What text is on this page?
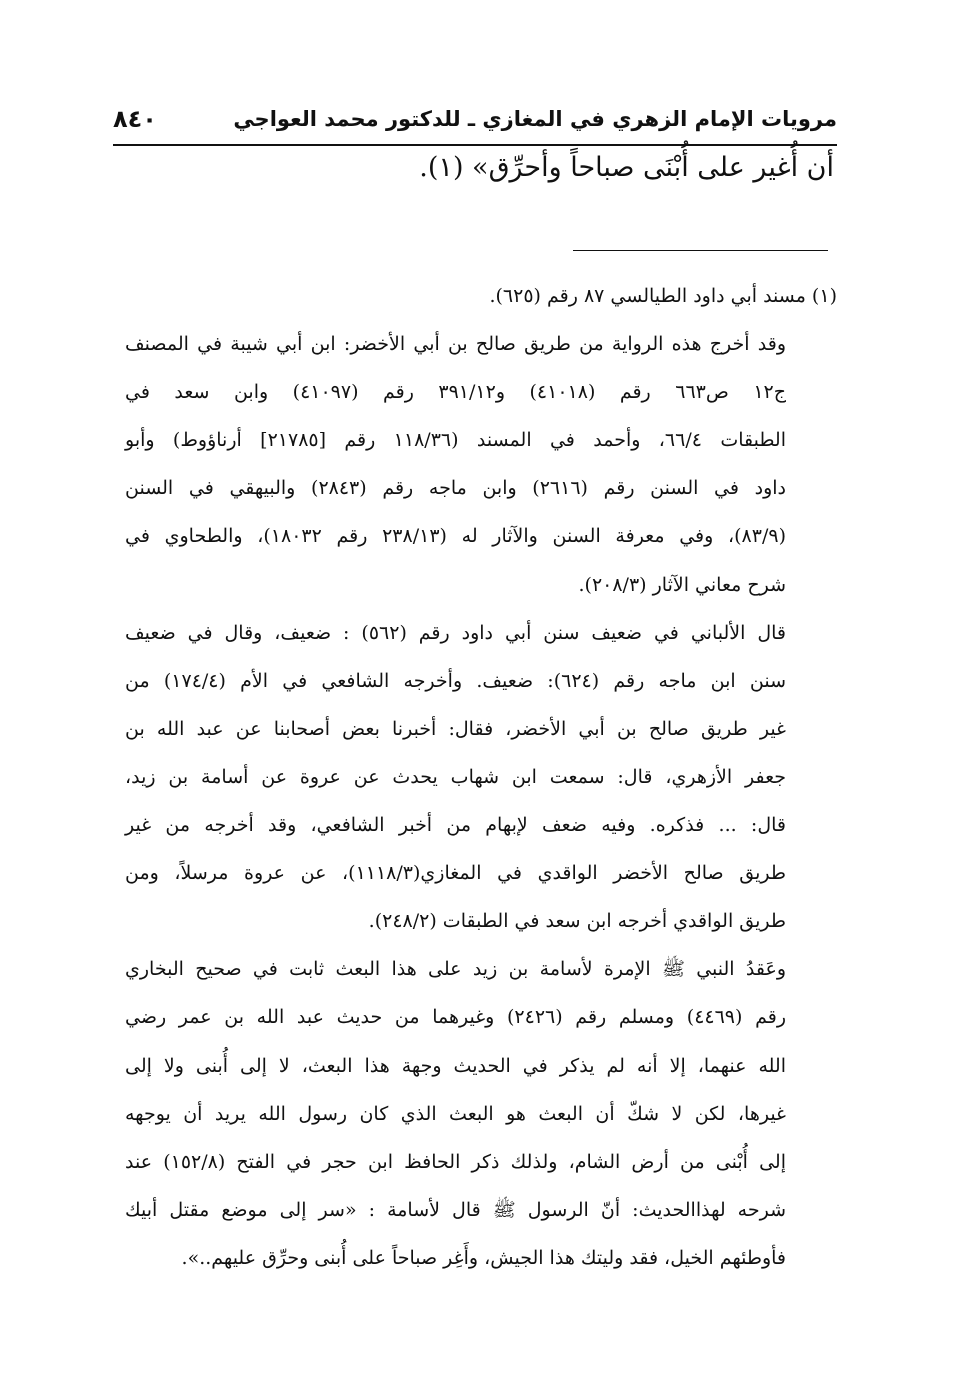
مرويات الإمام الزهري في المغازي ـ للدكتور محمد العواجي
٨٤٠
أن أُغير على أُبْنَى صباحاً وأحرِّق» (١).
(١) مسند أبي داود الطيالسي ٨٧ رقم (٦٢٥).
وقد أخرج هذه الرواية من طريق صالح بن أبي الأخضر: ابن أبي شيبة في المصنف
ج١٢ ص٦٦٣ رقم (٤١٠١٨) و٣٩١/١٢ رقم (٤١٠٩٧) وابن سعد في
الطبقات ٦٦/٤، وأحمد في المسند (١١٨/٣٦ رقم [٢١٧٨٥] أرناؤوط) وأبو
داود في السنن رقم (٢٦١٦) وابن ماجه رقم (٢٨٤٣) والبيهقي في السنن
(٨٣/٩)، وفي معرفة السنن والآثار له (٢٣٨/١٣ رقم ١٨٠٣٢)، والطحاوي في
شرح معاني الآثار (٢٠٨/٣).
قال الألباني في ضعيف سنن أبي داود رقم (٥٦٢) : ضعيف، وقال في ضعيف
سنن ابن ماجه رقم (٦٢٤): ضعيف. وأخرجه الشافعي في الأم (١٧٤/٤) من
غير طريق صالح بن أبي الأخضر، فقال: أخبرنا بعض أصحابنا عن عبد الله بن
جعفر الأزهري، قال: سمعت ابن شهاب يحدث عن عروة عن أسامة بن زيد،
قال: ... فذكره. وفيه ضعف لإبهام من أخبر الشافعي، وقد أخرجه من غير
طريق صالح الأخضر الواقدي في المغازي(١١١٨/٣)، عن عروة مرسلاً، ومن
طريق الواقدي أخرجه ابن سعد في الطبقات (٢٤٨/٢).
وعَقدُ النبي ﷺ الإمرة لأسامة بن زيد على هذا البعث ثابت في صحيح البخاري
رقم (٤٤٦٩) ومسلم رقم (٢٤٢٦) وغيرهما من حديث عبد الله بن عمر رضي
الله عنهما، إلا أنه لم يذكر في الحديث وجهة هذا البعث، لا إلى أُبنى ولا إلى
غيرها، لكن لا شكّ أن البعث هو البعث الذي كان رسول الله يريد أن يوجهه
إلى أُبْنى من أرض الشام، ولذلك ذكر الحافظ ابن حجر في الفتح (١٥٢/٨) عند
شرحه لهذاالحديث: أنّ الرسول ﷺ قال لأسامة : «سر إلى موضع مقتل أبيك
فأوطئهم الخيل، فقد وليتك هذا الجيش، وأَغِر صباحاً على أُبنى وحرِّق عليهم..».
